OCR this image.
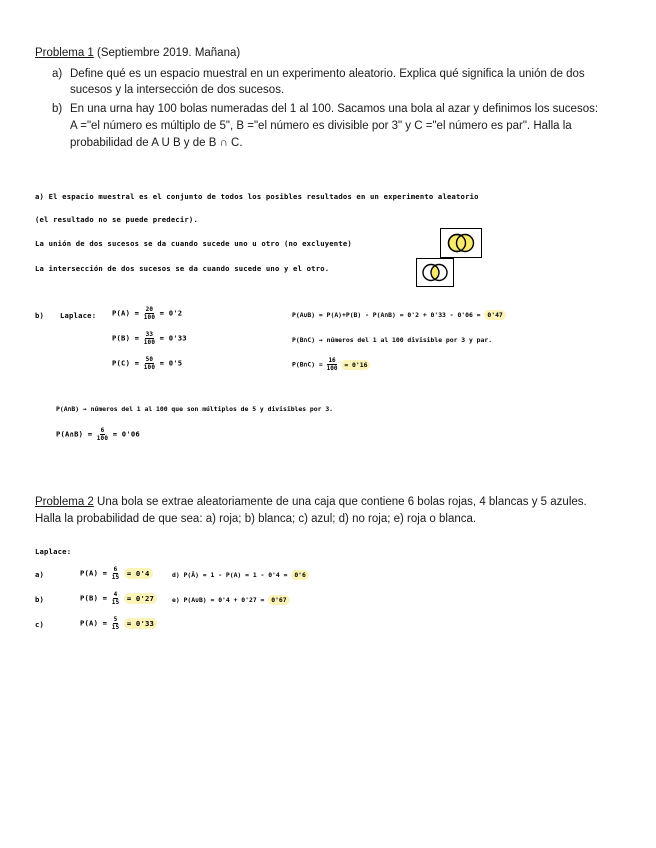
Problema 1 (Septiembre 2019. Mañana)
a) Define qué es un espacio muestral en un experimento aleatorio. Explica qué significa la unión de dos
sucesos y la intersección de dos sucesos.
b) En una urna hay 100 bolas numeradas del 1 al 100. Sacamos una bola al azar y definimos los sucesos:
A ="el número es múltiplo de 5", B ="el número es divisible por 3" y C ="el número es par". Halla la
probabilidad de A U B y de B ∩ C.
a) El espacio muestral es el conjunto de todos los posibles resultados en un experimento aleatorio
(el resultado no se puede predecir).
La unión de dos sucesos se da cuando sucede uno u otro (no excluyente)
La intersección de dos sucesos se da cuando sucede uno y el otro.
b) Laplace: $P(A) = \frac{20}{100} = 0'2$
$P(B) = \frac{33}{100} = 0'33$
$P(C) = \frac{50}{100} = 0'5$
P(A∪B) = P(A)+P(B) - P(A∩B) = 0'2 + 0'33 - 0'06 = 0'47
P(B∩C) → números del 1 al 100 divisible por 3 y par.
P(B∩C) = $\frac{16}{100} = 0'16$
P(A∩B) → números del 1 al 100 que son múltiplos de 5 y divisibles por 3.
P(A∩B) = $\frac{6}{100} = 0'06$
Problema 2 Una bola se extrae aleatoriamente de una caja que contiene 6 bolas rojas, 4 blancas y 5 azules.
Halla la probabilidad de que sea: a) roja; b) blanca; c) azul; d) no roja; e) roja o blanca.
Laplace:
a)	$P(A) = \frac{6}{15} = 0'4$
b)	$P(B) = \frac{4}{15} = 0'27$
c)	$P(A) = \frac{5}{15} = 0'33$
d) P(Ā) = 1 - P(A) = 1 - 0'4 = 0'6
e) P(A∪B) = 0'4 + 0'27 = 0'67
